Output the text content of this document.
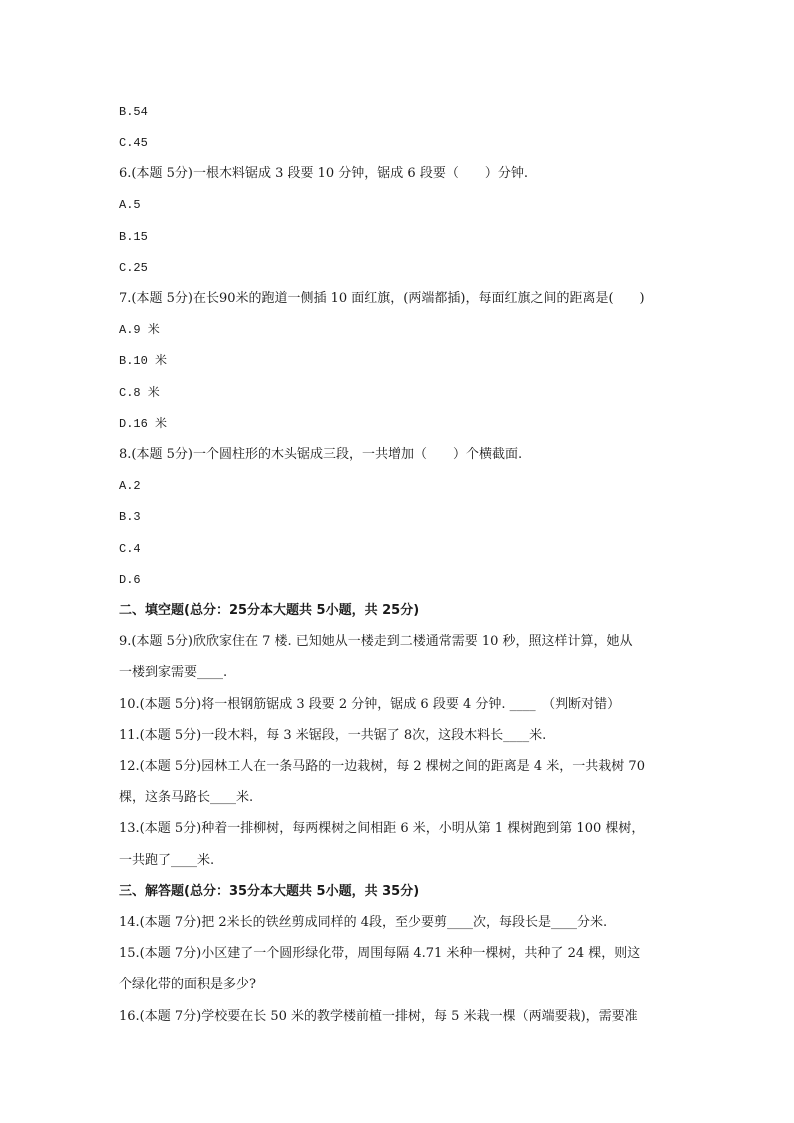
B.54
C.45
6.(本题 5分)一根木料锯成 3 段要 10 分钟，锯成 6 段要（　　）分钟.
A.5
B.15
C.25
7.(本题 5分)在长90米的跑道一侧插 10 面红旗，(两端都插)，每面红旗之间的距离是(　　)
A.9 米
B.10 米
C.8 米
D.16 米
8.(本题 5分)一个圆柱形的木头锯成三段，一共增加（　　）个横截面.
A.2
B.3
C.4
D.6
二、填空题(总分：25分本大题共 5小题，共 25分)
9.(本题 5分)欣欣家住在 7 楼. 已知她从一楼走到二楼通常需要 10 秒，照这样计算，她从
一楼到家需要____.
10.(本题 5分)将一根钢筋锯成 3 段要 2 分钟，锯成 6 段要 4 分钟. ____　（判断对错）
11.(本题 5分)一段木料，每 3 米锯段，一共锯了 8次，这段木料长____米.
12.(本题 5分)园林工人在一条马路的一边栽树，每 2 棵树之间的距离是 4 米，一共栽树 70
棵，这条马路长____米.
13.(本题 5分)种着一排柳树，每两棵树之间相距 6 米，小明从第 1 棵树跑到第 100 棵树，
一共跑了____米.
三、解答题(总分：35分本大题共 5小题，共 35分)
14.(本题 7分)把 2米长的铁丝剪成同样的 4段，至少要剪____次，每段长是____分米.
15.(本题 7分)小区建了一个圆形绿化带，周围每隔 4.71 米种一棵树，共种了 24 棵，则这
个绿化带的面积是多少?
16.(本题 7分)学校要在长 50 米的教学楼前植一排树，每 5 米栽一棵（两端要栽)，需要准
